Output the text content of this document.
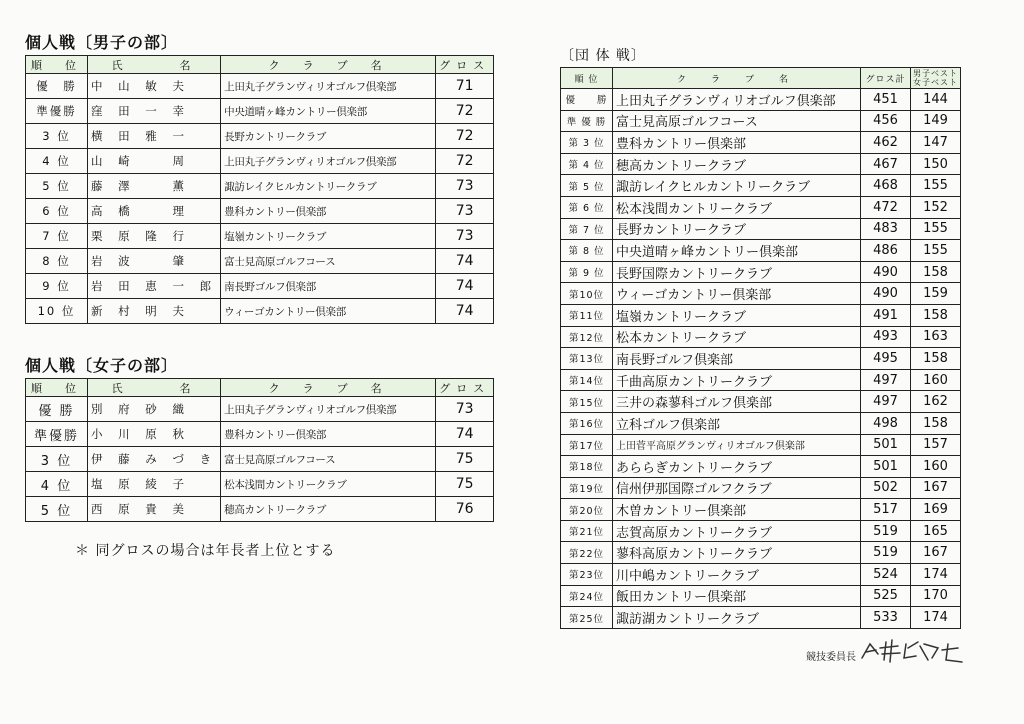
個人戦〔男子の部〕
順　位	氏　　　名	ク　ラ　ブ　名	グロス
優　勝	中 山 敏 夫	上田丸子グランヴィリオゴルフ倶楽部	71
準優勝	窪 田 一 幸	中央道晴ヶ峰カントリー倶楽部	72
3 位	横 田 雅 一	長野カントリークラブ	72
4 位	山 崎 　 周	上田丸子グランヴィリオゴルフ倶楽部	72
5 位	藤 澤 　 薫	諏訪レイクヒルカントリークラブ	73
6 位	高 橋 　 理	豊科カントリー倶楽部	73
7 位	栗 原 隆 行	塩嶺カントリークラブ	73
8 位	岩 波 　 肇	富士見高原ゴルフコース	74
9 位	岩 田 恵 一 郎	南長野ゴルフ倶楽部	74
10 位	新 村 明 夫	ウィーゴカントリー倶楽部	74
個人戦〔女子の部〕
順　位	氏　　　名	ク　ラ　ブ　名	グロス
優 勝	別 府 砂 織	上田丸子グランヴィリオゴルフ倶楽部	73
準優勝	小 川 原 秋	豊科カントリー倶楽部	74
3 位	伊 藤 み づ き	富士見高原ゴルフコース	75
4 位	塩 原 綾 子	松本浅間カントリークラブ	75
5 位	西 原 貴 美	穂高カントリークラブ	76
＊ 同グロスの場合は年長者上位とする
〔団 体 戦〕
順 位	ク　ラ　ブ　名	グロス計	男子ベスト
女子ベスト

優　　勝	上田丸子グランヴィリオゴルフ倶楽部	451	144
準 優 勝	富士見高原ゴルフコース	456	149
第 3 位	豊科カントリー倶楽部	462	147
第 4 位	穂高カントリークラブ	467	150
第 5 位	諏訪レイクヒルカントリークラブ	468	155
第 6 位	松本浅間カントリークラブ	472	152
第 7 位	長野カントリークラブ	483	155
第 8 位	中央道晴ヶ峰カントリー倶楽部	486	155
第 9 位	長野国際カントリークラブ	490	158
第10位	ウィーゴカントリー倶楽部	490	159
第11位	塩嶺カントリークラブ	491	158
第12位	松本カントリークラブ	493	163
第13位	南長野ゴルフ倶楽部	495	158
第14位	千曲高原カントリークラブ	497	160
第15位	三井の森蓼科ゴルフ倶楽部	497	162
第16位	立科ゴルフ倶楽部	498	158
第17位	上田菅平高原グランヴィリオゴルフ倶楽部	501	157
第18位	あららぎカントリークラブ	501	160
第19位	信州伊那国際ゴルフクラブ	502	167
第20位	木曽カントリー倶楽部	517	169
第21位	志賀高原カントリークラブ	519	165
第22位	蓼科高原カントリークラブ	519	167
第23位	川中嶋カントリークラブ	524	174
第24位	飯田カントリー倶楽部	525	170
第25位	諏訪湖カントリークラブ	533	174
競技委員長
